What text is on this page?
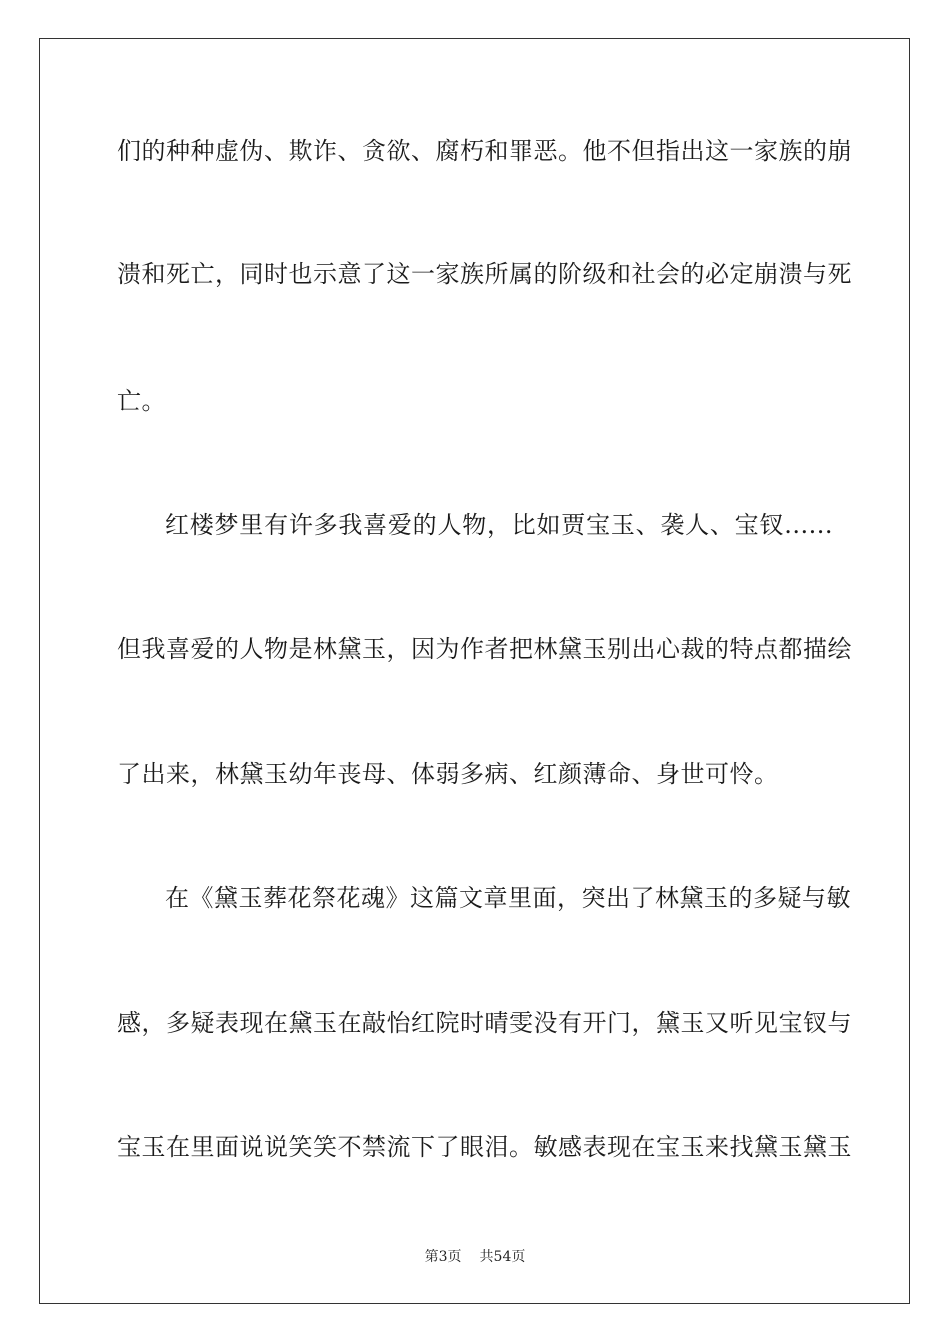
们的种种虚伪、欺诈、贪欲、腐朽和罪恶。他不但指出这一家族的崩
溃和死亡，同时也示意了这一家族所属的阶级和社会的必定崩溃与死
亡。
红楼梦里有许多我喜爱的人物，比如贾宝玉、袭人、宝钗......
但我喜爱的人物是林黛玉，因为作者把林黛玉别出心裁的特点都描绘
了出来，林黛玉幼年丧母、体弱多病、红颜薄命、身世可怜。
在《黛玉葬花祭花魂》这篇文章里面，突出了林黛玉的多疑与敏
感，多疑表现在黛玉在敲怡红院时晴雯没有开门，黛玉又听见宝钗与
宝玉在里面说说笑笑不禁流下了眼泪。敏感表现在宝玉来找黛玉黛玉
第3页 共54页
